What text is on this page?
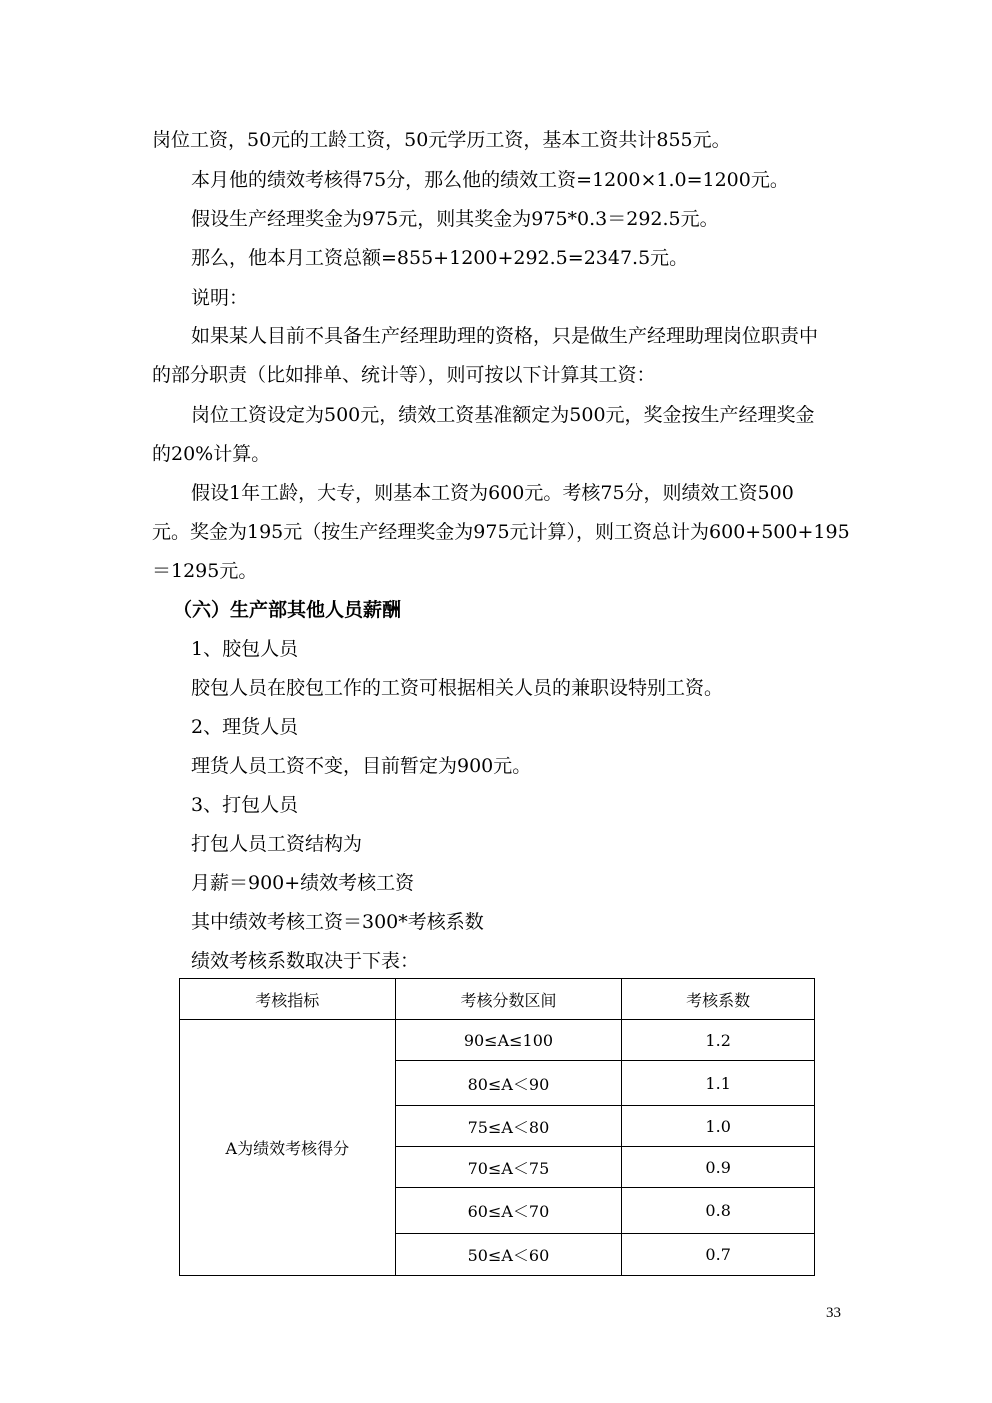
岗位工资，50元的工龄工资，50元学历工资，基本工资共计855元。
本月他的绩效考核得75分，那么他的绩效工资=1200×1.0=1200元。
假设生产经理奖金为975元，则其奖金为975*0.3＝292.5元。
那么，他本月工资总额=855+1200+292.5=2347.5元。
说明：
如果某人目前不具备生产经理助理的资格，只是做生产经理助理岗位职责中
的部分职责（比如排单、统计等），则可按以下计算其工资：
岗位工资设定为500元，绩效工资基准额定为500元，奖金按生产经理奖金
的20%计算。
假设1年工龄，大专，则基本工资为600元。考核75分，则绩效工资500
元。奖金为195元（按生产经理奖金为975元计算），则工资总计为600+500+195
＝1295元。
（六）生产部其他人员薪酬
1、胶包人员
胶包人员在胶包工作的工资可根据相关人员的兼职设特别工资。
2、理货人员
理货人员工资不变，目前暂定为900元。
3、打包人员
打包人员工资结构为
月薪＝900+绩效考核工资
其中绩效考核工资＝300*考核系数
绩效考核系数取决于下表：
考核指标	考核分数区间	考核系数
A为绩效考核得分	90≤A≤100	1.2
	80≤A＜90	1.1
	75≤A＜80	1.0
	70≤A＜75	0.9
	60≤A＜70	0.8
	50≤A＜60	0.7
33
